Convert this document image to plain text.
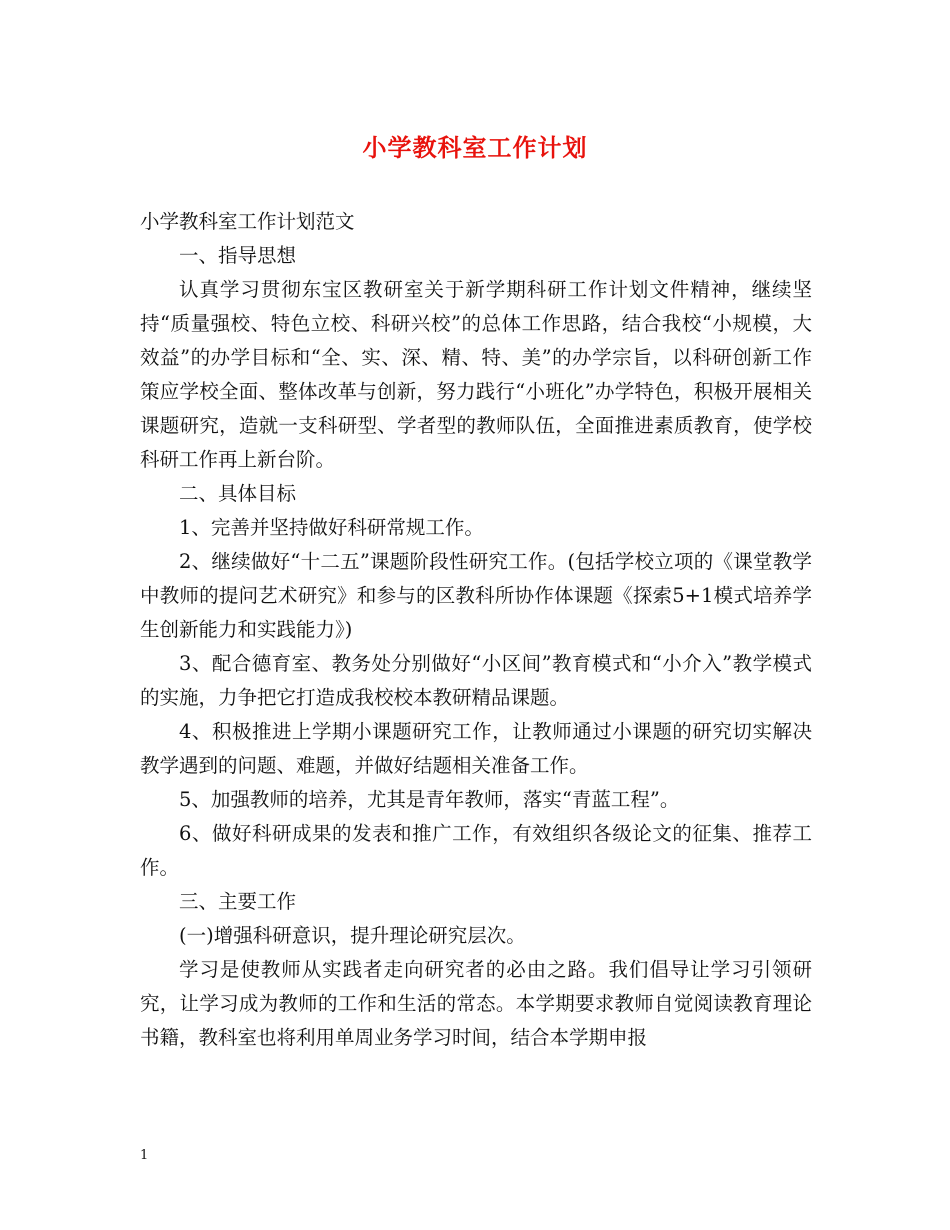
小学教科室工作计划

小学教科室工作计划范文

一、指导思想

认真学习贯彻东宝区教研室关于新学期科研工作计划文件精神，继续坚持“质量强校、特色立校、科研兴校”的总体工作思路，结合我校“小规模，大效益”的办学目标和“全、实、深、精、特、美”的办学宗旨，以科研创新工作策应学校全面、整体改革与创新，努力践行“小班化”办学特色，积极开展相关课题研究，造就一支科研型、学者型的教师队伍，全面推进素质教育，使学校科研工作再上新台阶。

二、具体目标

1、完善并坚持做好科研常规工作。

2、继续做好“十二五”课题阶段性研究工作。(包括学校立项的《课堂教学中教师的提问艺术研究》和参与的区教科所协作体课题《探索5+1模式培养学生创新能力和实践能力》)

3、配合德育室、教务处分别做好“小区间”教育模式和“小介入”教学模式的实施，力争把它打造成我校校本教研精品课题。

4、积极推进上学期小课题研究工作，让教师通过小课题的研究切实解决教学遇到的问题、难题，并做好结题相关准备工作。

5、加强教师的培养，尤其是青年教师，落实“青蓝工程”。

6、做好科研成果的发表和推广工作，有效组织各级论文的征集、推荐工作。

三、主要工作

(一)增强科研意识，提升理论研究层次。

学习是使教师从实践者走向研究者的必由之路。我们倡导让学习引领研究，让学习成为教师的工作和生活的常态。本学期要求教师自觉阅读教育理论书籍，教科室也将利用单周业务学习时间，结合本学期申报

1
